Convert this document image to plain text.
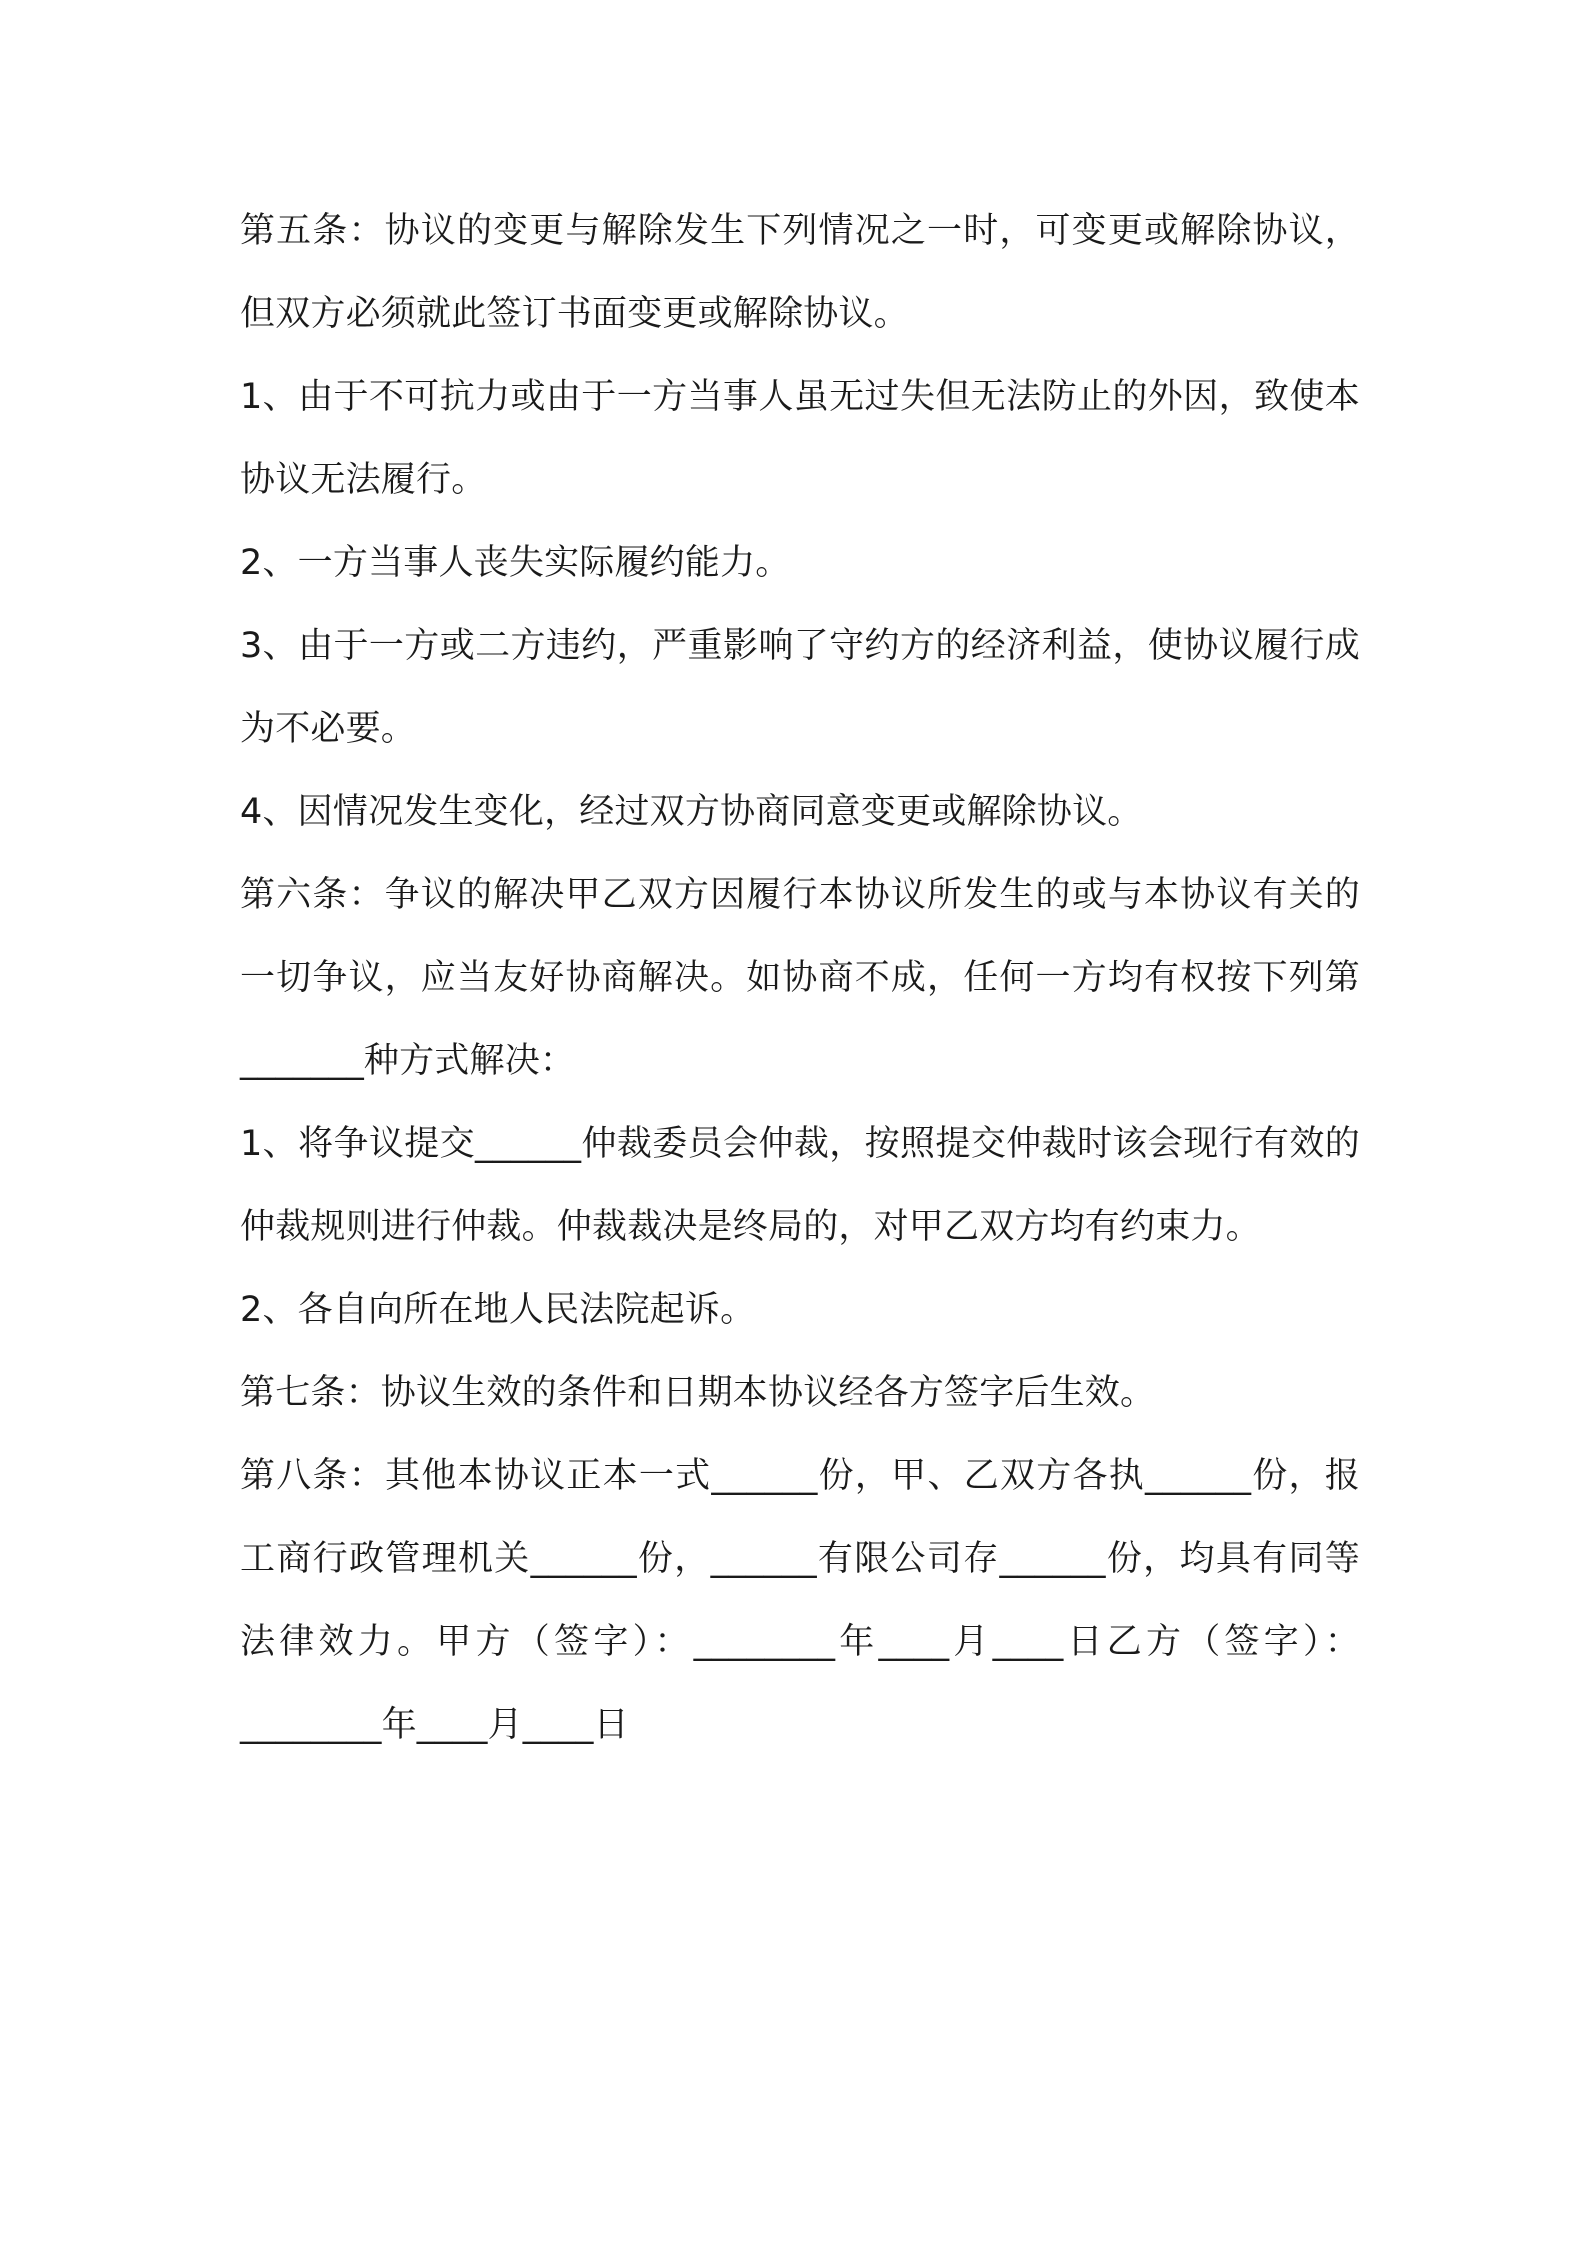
第五条：协议的变更与解除发生下列情况之一时，可变更或解除协议，但双方必须就此签订书面变更或解除协议。

1、由于不可抗力或由于一方当事人虽无过失但无法防止的外因，致使本协议无法履行。

2、一方当事人丧失实际履约能力。

3、由于一方或二方违约，严重影响了守约方的经济利益，使协议履行成为不必要。

4、因情况发生变化，经过双方协商同意变更或解除协议。

第六条：争议的解决甲乙双方因履行本协议所发生的或与本协议有关的一切争议，应当友好协商解决。如协商不成，任何一方均有权按下列第_______种方式解决：

1、将争议提交______仲裁委员会仲裁，按照提交仲裁时该会现行有效的仲裁规则进行仲裁。仲裁裁决是终局的，对甲乙双方均有约束力。

2、各自向所在地人民法院起诉。

第七条：协议生效的条件和日期本协议经各方签字后生效。

第八条：其他本协议正本一式______份，甲、乙双方各执______份，报工商行政管理机关______份，______有限公司存______份，均具有同等法律效力。甲方（签字）：________年____月____日乙方（签字）：________年____月____日
